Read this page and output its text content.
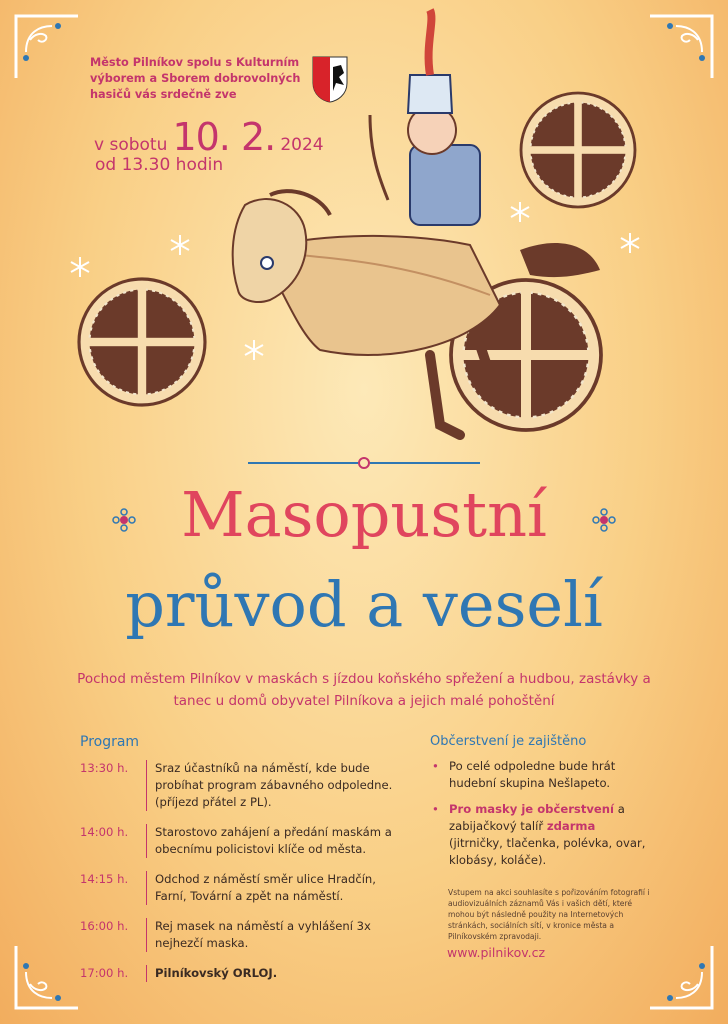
Město Pilníkov spolu s Kulturním výborem a Sborem dobrovolných hasičů vás srdečně zve
v sobotu 10. 2. 2024
od 13.30 hodin
Masopustní
průvod a veselí
Pochod městem Pilníkov v maskách s jízdou koňského spřežení a hudbou, zastávky a tanec u domů obyvatel Pilníkova a jejich malé pohoštění
Program
13:30 h.	Sraz účastníků na náměstí, kde bude probíhat program zábavného odpoledne. (příjezd přátel z PL).
14:00 h.	Starostovo zahájení a předání maskám a obecnímu policistovi klíče od města.
14:15 h.	Odchod z náměstí směr ulice Hradčín, Farní, Tovární a zpět na náměstí.
16:00 h.	Rej masek na náměstí a vyhlášení 3x nejhezčí maska.
17:00 h.	Pilníkovský ORLOJ.
Občerstvení je zajištěno
• Po celé odpoledne bude hrát hudební skupina Nešlapeto.
• Pro masky je občerstvení a zabijačkový talíř zdarma (jitrničky, tlačenka, polévka, ovar, klobásy, koláče).
Vstupem na akci souhlasíte s pořizováním fotografií i audiovizuálních záznamů Vás i vašich dětí, které mohou být následně použity na Internetových stránkách, sociálních sítí, v kronice města a Pilníkovském zpravodaji.
www.pilnikov.cz
